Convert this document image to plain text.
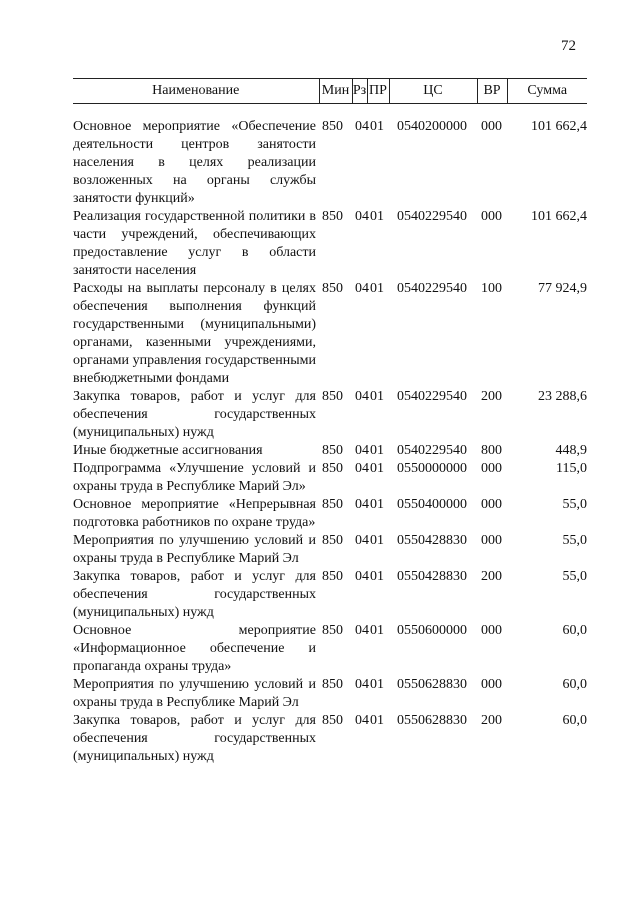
72
Наименование	Мин	Рз	ПР	ЦС	ВР	Сумма

Основное мероприятие «Обеспечение деятельности центров занятости населения в целях реализации возложенных на органы службы занятости функций»	850	04	01	0540200000	000	101 662,4
Реализация государственной политики в части учреждений, обеспечивающих предоставление услуг в области занятости населения	850	04	01	0540229540	000	101 662,4
Расходы на выплаты персоналу в целях обеспечения выполнения функций государственными (муниципальными) органами, казенными учреждениями, органами управления государственными внебюджетными фондами	850	04	01	0540229540	100	77 924,9
Закупка товаров, работ и услуг для обеспечения государственных (муниципальных) нужд	850	04	01	0540229540	200	23 288,6
Иные бюджетные ассигнования	850	04	01	0540229540	800	448,9
Подпрограмма «Улучшение условий и охраны труда в Республике Марий Эл»	850	04	01	0550000000	000	115,0
Основное мероприятие «Непрерывная подготовка работников по охране труда»	850	04	01	0550400000	000	55,0
Мероприятия по улучшению условий и охраны труда в Республике Марий Эл	850	04	01	0550428830	000	55,0
Закупка товаров, работ и услуг для обеспечения государственных (муниципальных) нужд	850	04	01	0550428830	200	55,0
Основное мероприятие «Информационное обеспечение и пропаганда охраны труда»	850	04	01	0550600000	000	60,0
Мероприятия по улучшению условий и охраны труда в Республике Марий Эл	850	04	01	0550628830	000	60,0
Закупка товаров, работ и услуг для обеспечения государственных (муниципальных) нужд	850	04	01	0550628830	200	60,0
